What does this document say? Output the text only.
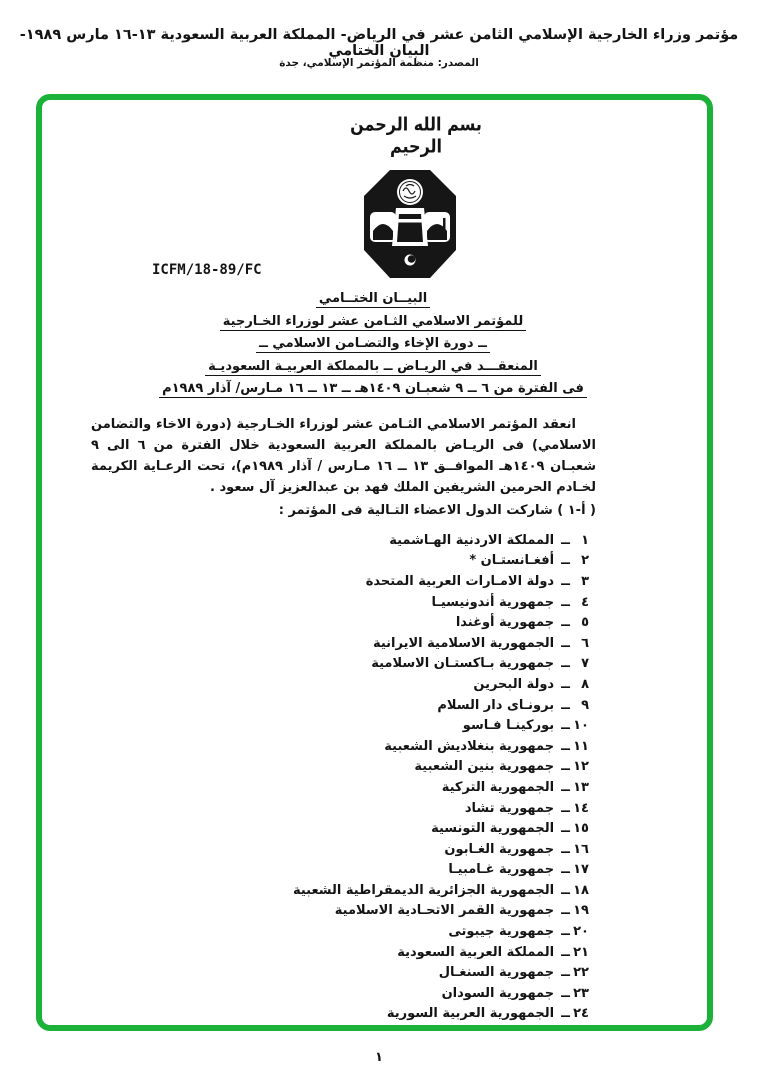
مؤتمر وزراء الخارجية الإسلامي الثامن عشر في الرياض- المملكة العربية السعودية ١٣-١٦ مارس ١٩٨٩- البيان الختامي
المصدر: منظمة المؤتمر الإسلامي، جدة
بسم الله الرحمن الرحيم
ICFM/18-89/FC
البيــان الختــامي
للمؤتمر الاسلامي الثـامن عشر لوزراء الخـارجية
ــ دورة الإخاء والتضـامن الاسلامي ــ
المنعقـــد في الريـاض ــ بالمملكة العربيـة السعوديـة
فى الفترة من ٦ ــ ٩ شعبـان ١٤٠٩هـ ــ ١٣ ــ ١٦ مـارس/ آذار ١٩٨٩م

انعقد المؤتمر الاسلامي الثـامن عشر لوزراء الخـارجية (دورة الاخاء والتضامن الاسلامي) فى الريـاض بالمملكة العربية السعودية خلال الفترة من ٦ الى ٩ شعبـان ١٤٠٩هـ الموافــق ١٣ ــ ١٦ مـارس / آذار ١٩٨٩م)، تحت الرعـاية الكريمة لخـادم الحرمين الشريفين الملك فهد بن عبدالعزيز آل سعود .

( أ-١ ) شاركت الدول الاعضاء التـالية فى المؤتمر :

١
ــ
المملكة الاردنية الهـاشمية
٢
ــ
أفغـانستـان *
٣
ــ
دولة الامـارات العربية المتحدة
٤
ــ
جمهورية أندونيسيـا
٥
ــ
جمهورية أوغندا
٦
ــ
الجمهورية الاسلامية الايرانية
٧
ــ
جمهورية بـاكستـان الاسلامية
٨
ــ
دولة البحرين
٩
ــ
برونـاى دار السلام
١٠
ــ
بوركينـا فـاسو
١١
ــ
جمهورية بنغلاديش الشعبية
١٢
ــ
جمهورية بنين الشعبية
١٣
ــ
الجمهورية التركية
١٤
ــ
جمهورية تشاد
١٥
ــ
الجمهورية التونسية
١٦
ــ
جمهورية الغـابون
١٧
ــ
جمهورية غـامبيـا
١٨
ــ
الجمهورية الجزائرية الديمقراطية الشعبية
١٩
ــ
جمهورية القمر الاتحـادية الاسلامية
٢٠
ــ
جمهورية جيبوتى
٢١
ــ
المملكة العربية السعودية
٢٢
ــ
جمهورية السنغـال
٢٣
ــ
جمهورية السودان
٢٤
ــ
الجمهورية العربية السورية
١
